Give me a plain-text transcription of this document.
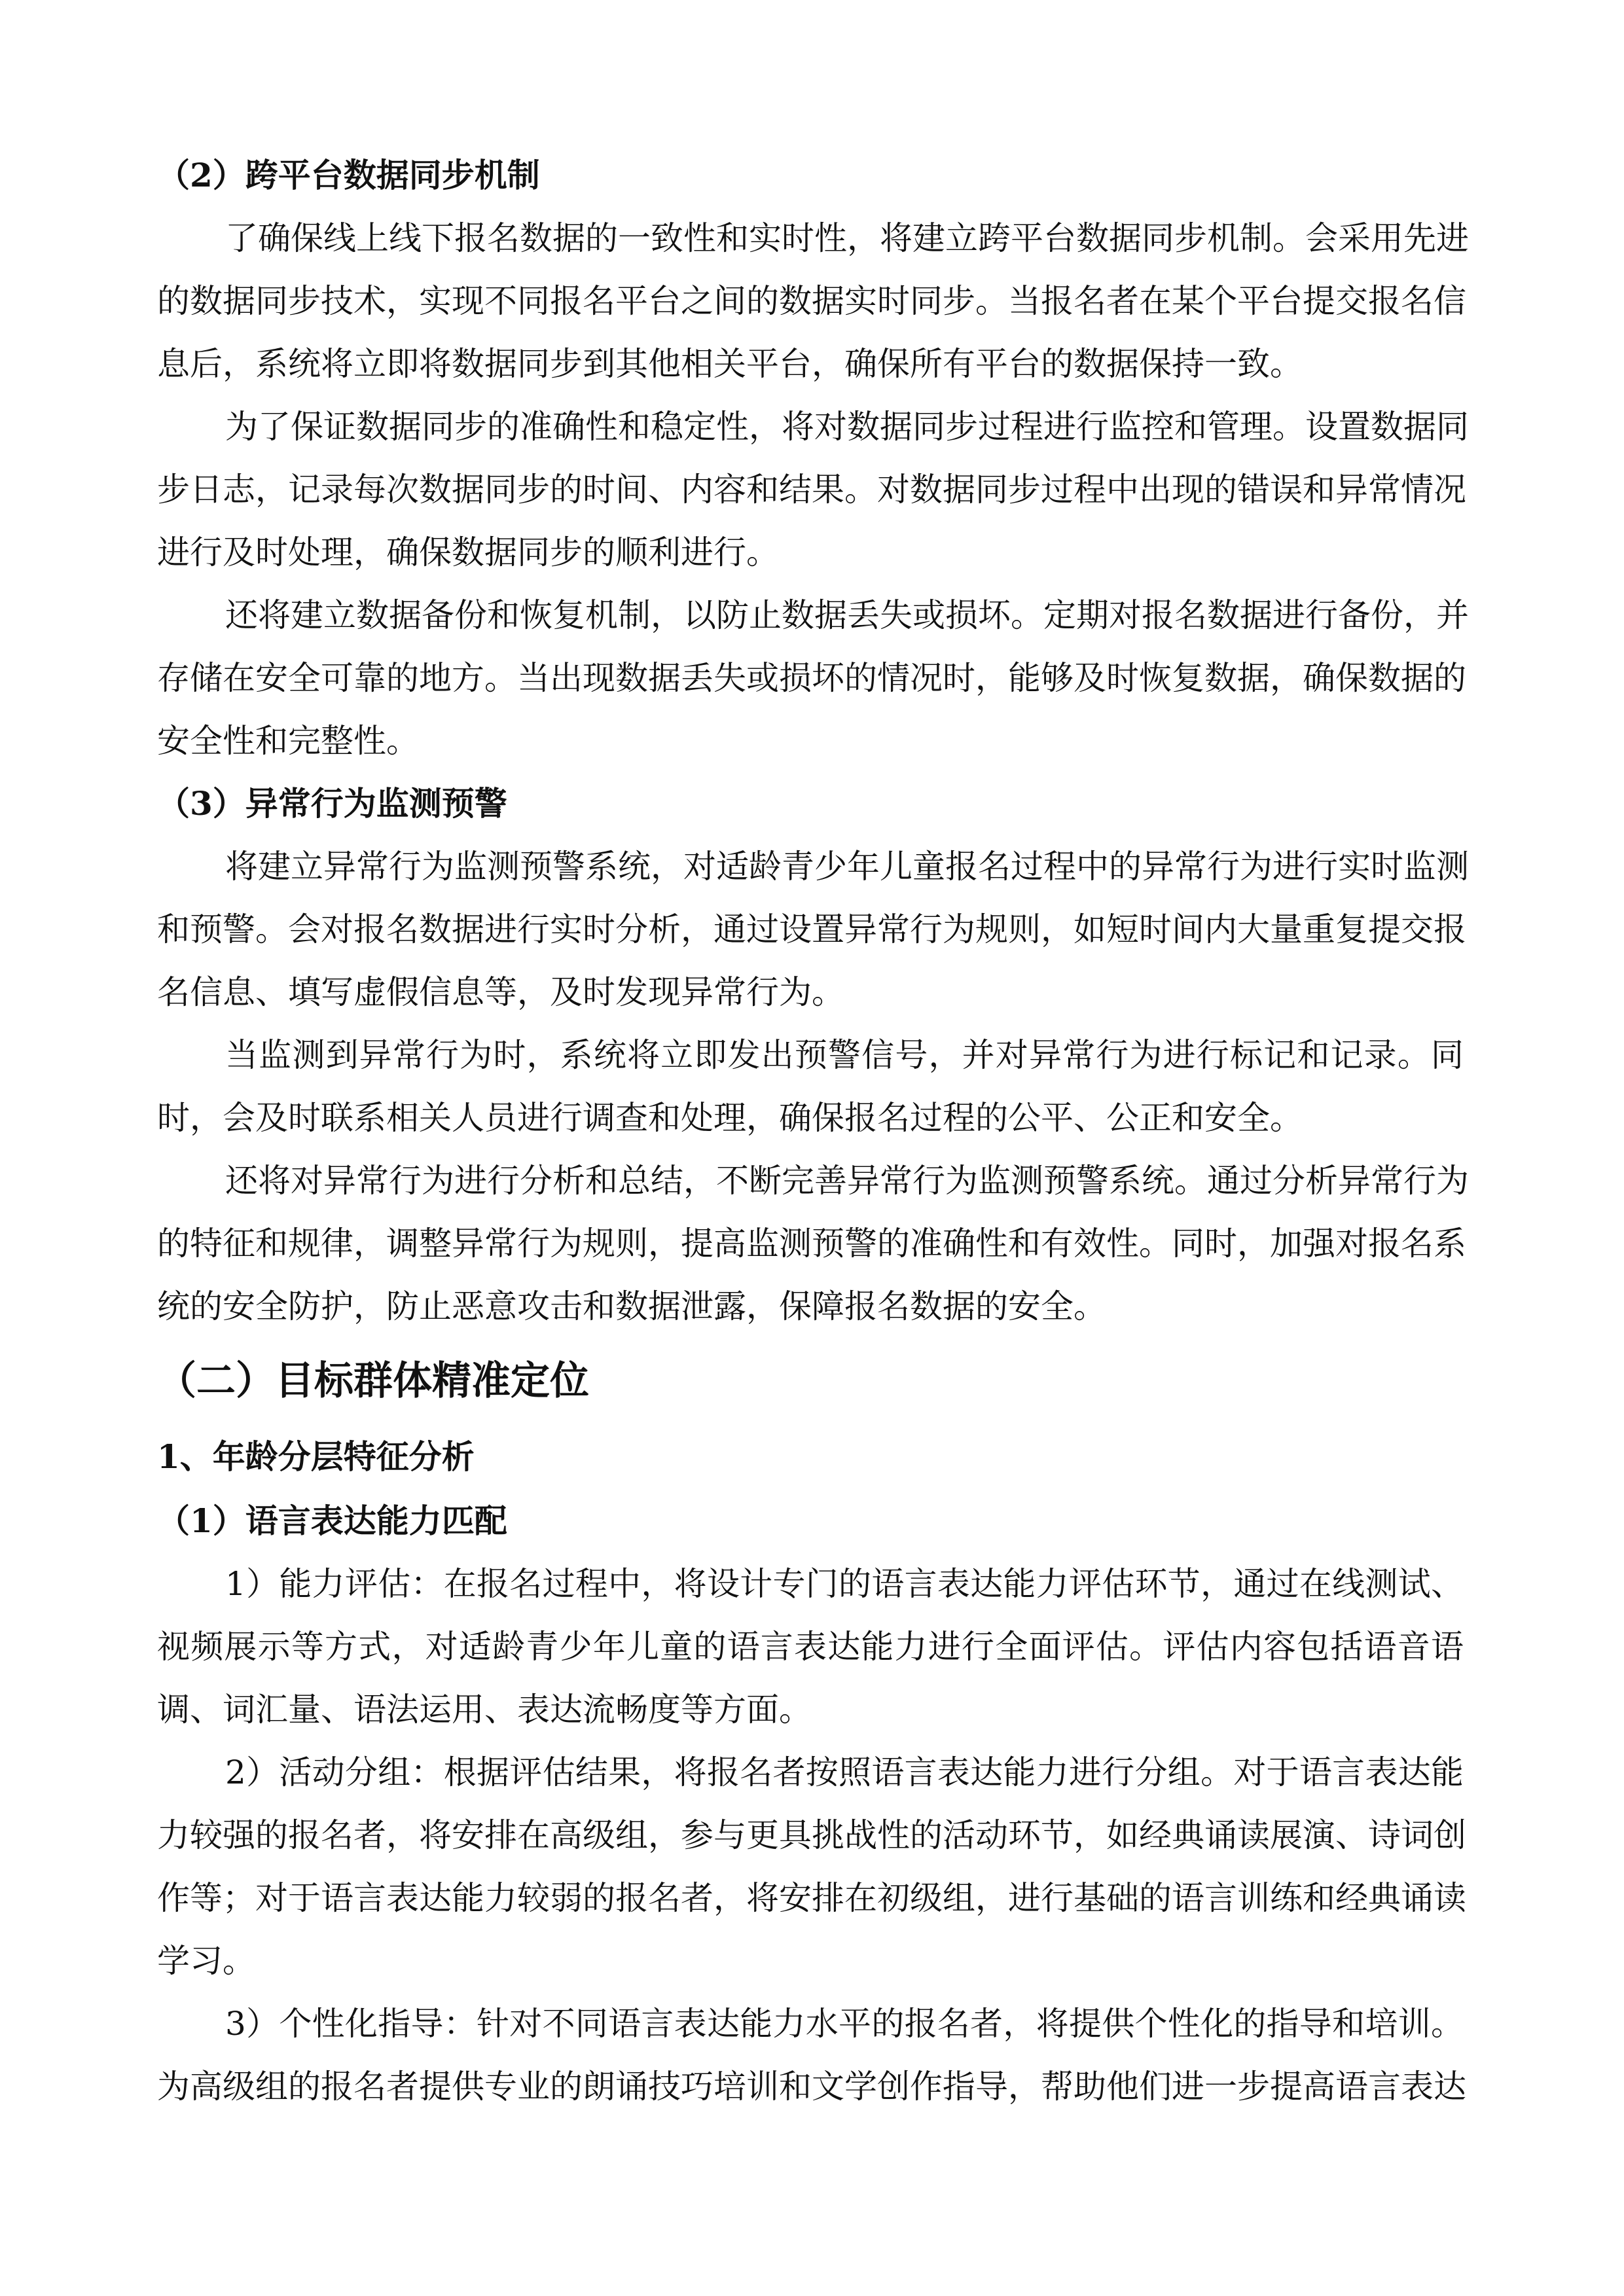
（2）跨平台数据同步机制
了确保线上线下报名数据的一致性和实时性，将建立跨平台数据同步机制。会采用先进
的数据同步技术，实现不同报名平台之间的数据实时同步。当报名者在某个平台提交报名信
息后，系统将立即将数据同步到其他相关平台，确保所有平台的数据保持一致。
为了保证数据同步的准确性和稳定性，将对数据同步过程进行监控和管理。设置数据同
步日志，记录每次数据同步的时间、内容和结果。对数据同步过程中出现的错误和异常情况
进行及时处理，确保数据同步的顺利进行。
还将建立数据备份和恢复机制，以防止数据丢失或损坏。定期对报名数据进行备份，并
存储在安全可靠的地方。当出现数据丢失或损坏的情况时，能够及时恢复数据，确保数据的
安全性和完整性。
（3）异常行为监测预警
将建立异常行为监测预警系统，对适龄青少年儿童报名过程中的异常行为进行实时监测
和预警。会对报名数据进行实时分析，通过设置异常行为规则，如短时间内大量重复提交报
名信息、填写虚假信息等，及时发现异常行为。
当监测到异常行为时，系统将立即发出预警信号，并对异常行为进行标记和记录。同
时，会及时联系相关人员进行调查和处理，确保报名过程的公平、公正和安全。
还将对异常行为进行分析和总结，不断完善异常行为监测预警系统。通过分析异常行为
的特征和规律，调整异常行为规则，提高监测预警的准确性和有效性。同时，加强对报名系
统的安全防护，防止恶意攻击和数据泄露，保障报名数据的安全。
（二）目标群体精准定位
1、年龄分层特征分析
（1）语言表达能力匹配
1）能力评估：在报名过程中，将设计专门的语言表达能力评估环节，通过在线测试、
视频展示等方式，对适龄青少年儿童的语言表达能力进行全面评估。评估内容包括语音语
调、词汇量、语法运用、表达流畅度等方面。
2）活动分组：根据评估结果，将报名者按照语言表达能力进行分组。对于语言表达能
力较强的报名者，将安排在高级组，参与更具挑战性的活动环节，如经典诵读展演、诗词创
作等；对于语言表达能力较弱的报名者，将安排在初级组，进行基础的语言训练和经典诵读
学习。
3）个性化指导：针对不同语言表达能力水平的报名者，将提供个性化的指导和培训。
为高级组的报名者提供专业的朗诵技巧培训和文学创作指导，帮助他们进一步提高语言表达
